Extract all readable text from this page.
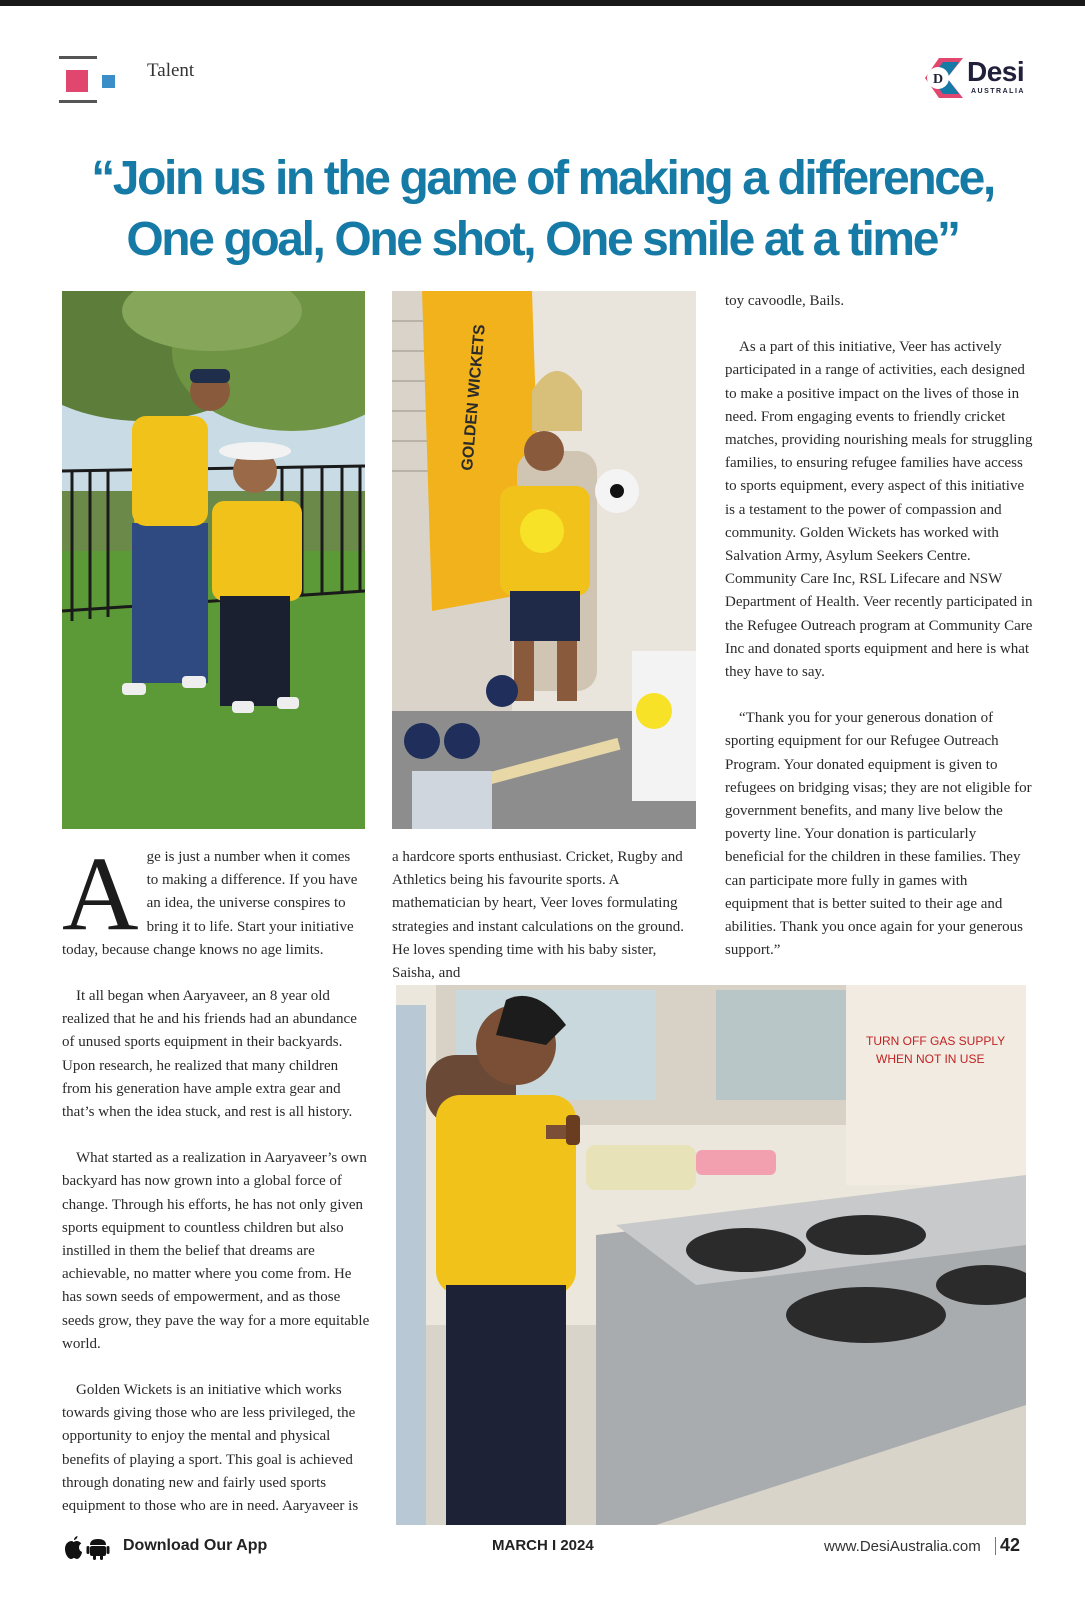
Talent	D Desi
AUSTRALIA
“Join us in the game of making a difference,
One goal, One shot, One smile at a time”
GOLDEN WICKETS
TURN OFF GAS SUPPLY
WHEN NOT IN USE

Age is just a number when it comes to making a difference. If you have an idea, the universe conspires to bring it to life. Start your initiative today, because change knows no age limits.

a hardcore sports enthusiast. Cricket, Rugby and Athletics being his favourite sports. A mathematician by heart, Veer loves formulating strategies and instant calculations on the ground. He loves spending time with his baby sister, Saisha, and

toy cavoodle, Bails.

As a part of this initiative, Veer has actively participated in a range of activities, each designed to make a positive impact on the lives of those in need. From engaging events to friendly cricket matches, providing nourishing meals for struggling families, to ensuring refugee families have access to sports equipment, every aspect of this initiative is a testament to the power of compassion and community. Golden Wickets has worked with Salvation Army, Asylum Seekers Centre. Community Care Inc, RSL Lifecare and NSW Department of Health. Veer recently participated in the Refugee Outreach program at Community Care Inc and donated sports equipment and here is what they have to say.

“Thank you for your generous donation of sporting equipment for our Refugee Outreach Program. Your donated equipment is given to refugees on bridging visas; they are not eligible for government benefits, and many live below the poverty line. Your donation is particularly beneficial for the children in these families. They can participate more fully in games with equipment that is better suited to their age and abilities. Thank you once again for your generous support.”

It all began when Aaryaveer, an 8 year old realized that he and his friends had an abundance of unused sports equipment in their backyards. Upon research, he realized that many children from his generation have ample extra gear and that’s when the idea stuck, and rest is all history.

What started as a realization in Aaryaveer’s own backyard has now grown into a global force of change. Through his efforts, he has not only given sports equipment to countless children but also instilled in them the belief that dreams are achievable, no matter where you come from. He has sown seeds of empowerment, and as those seeds grow, they pave the way for a more equitable world.

Golden Wickets is an initiative which works towards giving those who are less privileged, the opportunity to enjoy the mental and physical benefits of playing a sport. This goal is achieved through donating new and fairly used sports equipment to those who are in need. Aaryaveer is

Download Our App	MARCH I 2024	www.DesiAustralia.com 42
